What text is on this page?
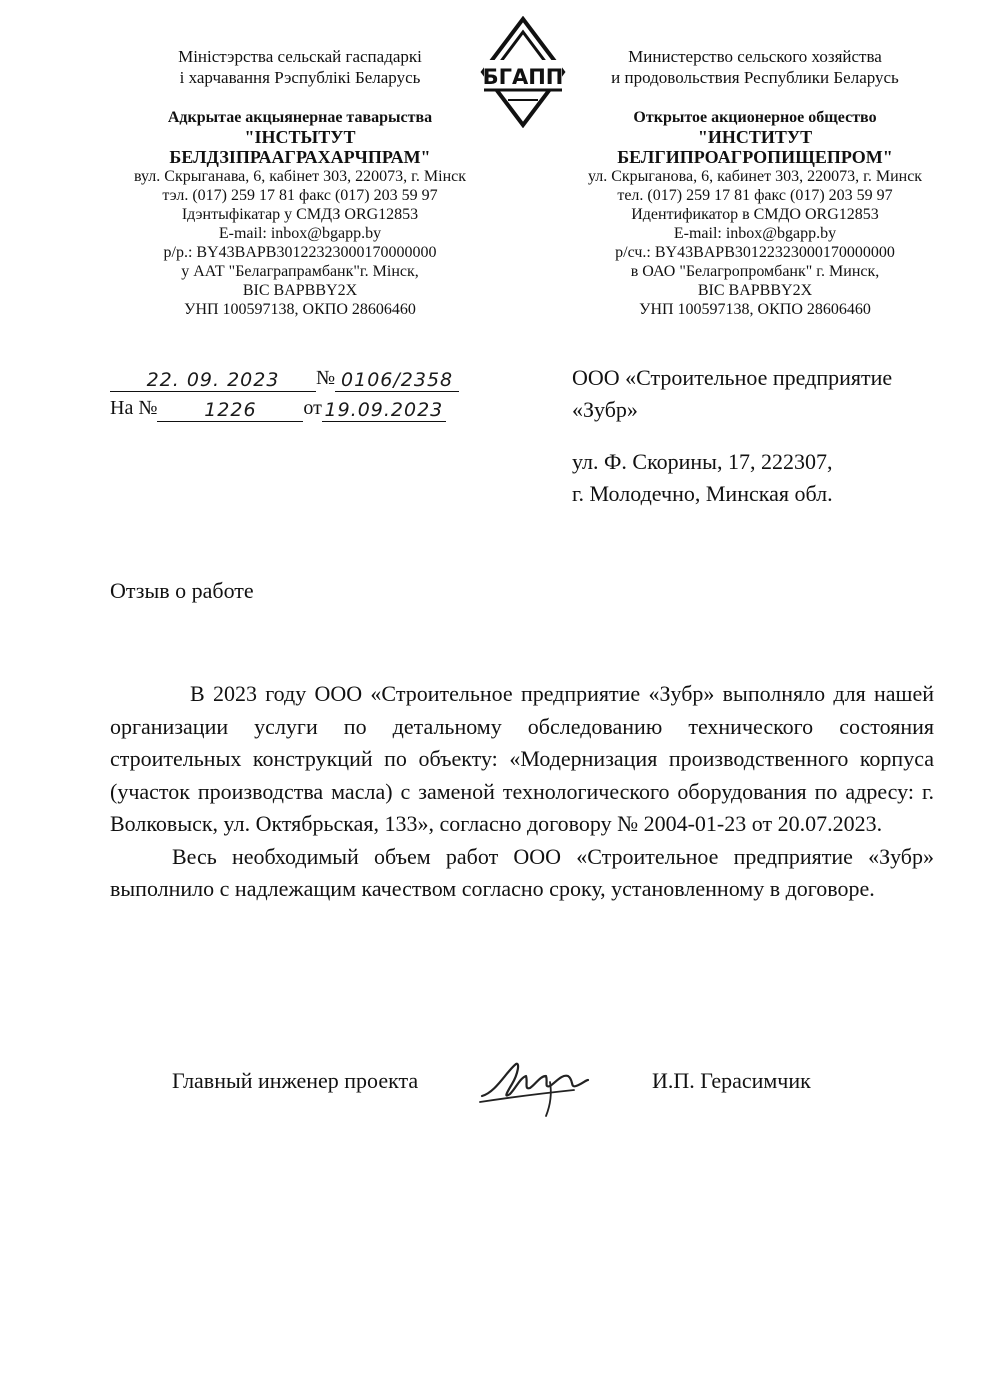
Міністэрства сельскай гаспадаркі
і харчавання Рэспублікі Беларусь
Адкрытае акцыянернае таварыства
"ІНСТЫТУТ
БЕЛДЗІПРААГРАХАРЧПРАМ"
вул. Скрыганава, 6, кабінет 303, 220073, г. Мінск
тэл. (017) 259 17 81 факс (017) 203 59 97
Ідэнтыфікатар у СМДЗ ORG12853
E-mail: inbox@bgapp.by
р/р.: BY43BAPB30122323000170000000
у ААТ "Белаграпрамбанк"г. Мінск,
BIC BAPBBY2X
УНП 100597138, ОКПО 28606460
БГАПП
Министерство сельского хозяйства
и продовольствия Республики Беларусь
Открытое акционерное общество
"ИНСТИТУТ
БЕЛГИПРОАГРОПИЩЕПРОМ"
ул. Скрыганова, 6, кабинет 303, 220073, г. Минск
тел. (017) 259 17 81 факс (017) 203 59 97
Идентификатор в СМДО ORG12853
E-mail: inbox@bgapp.by
р/сч.: BY43BAPB30122323000170000000
в ОАО "Белагропромбанк" г. Минск,
BIC BAPBBY2X
УНП 100597138, ОКПО 28606460
22. 09. 2023	№ 0106/2358
На №	1226	от 19.09.2023
ООО «Строительное предприятие
«Зубр»
ул. Ф. Скорины, 17, 222307,
г. Молодечно, Минская обл.
Отзыв о работе

В 2023 году ООО «Строительное предприятие «Зубр» выполняло для нашей организации услуги по детальному обследованию технического состояния строительных конструкций по объекту: «Модернизация производственного корпуса (участок производства масла) с заменой технологического оборудования по адресу: г. Волковыск, ул. Октябрьская, 133», согласно договору № 2004-01-23 от 20.07.2023.

Весь необходимый объем работ ООО «Строительное предприятие «Зубр» выполнило с надлежащим качеством согласно сроку, установленному в договоре.

Главный инженер проекта	И.П. Герасимчик
